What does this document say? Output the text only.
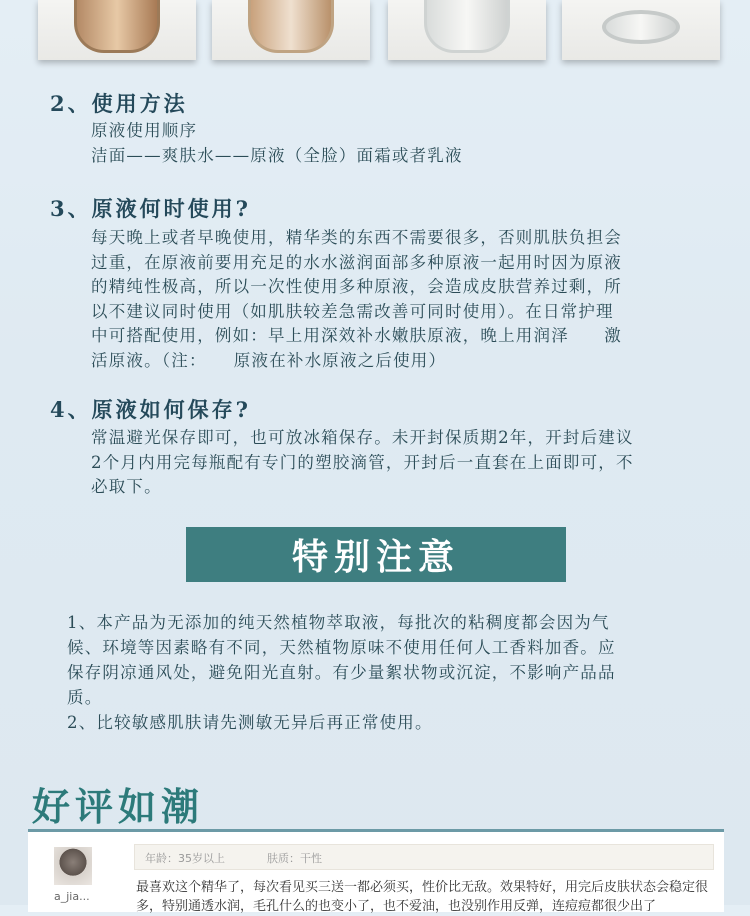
2、使用方法

原液使用顺序

洁面——爽肤水——原液（全脸）面霜或者乳液

3、原液何时使用?

每天晚上或者早晚使用，精华类的东西不需要很多，否则肌肤负担会

过重，在原液前要用充足的水水滋润面部多种原液一起用时因为原液

的精纯性极高，所以一次性使用多种原液，会造成皮肤营养过剩，所

以不建议同时使用（如肌肤较差急需改善可同时使用）。在日常护理

中可搭配使用，例如：早上用深效补水嫩肤原液，晚上用润泽　　激

活原液。（注：　　原液在补水原液之后使用）

4、原液如何保存?

常温避光保存即可，也可放冰箱保存。未开封保质期2年，开封后建议

2个月内用完每瓶配有专门的塑胶滴管，开封后一直套在上面即可，不

必取下。

特别注意

1、本产品为无添加的纯天然植物萃取液，每批次的粘稠度都会因为气

候、环境等因素略有不同，天然植物原味不使用任何人工香料加香。应

保存阴凉通风处，避免阳光直射。有少量絮状物或沉淀，不影响产品品

质。

2、比较敏感肌肤请先测敏无异后再正常使用。

好评如潮
a_jia...
年龄：35岁以上	肤质：干性

最喜欢这个精华了，每次看见买三送一都必须买，性价比无敌。效果特好，用完后皮肤状态会稳定很

多，特别通透水润，毛孔什么的也变小了，也不爱油，也没别作用反弹，连痘痘都很少出了
